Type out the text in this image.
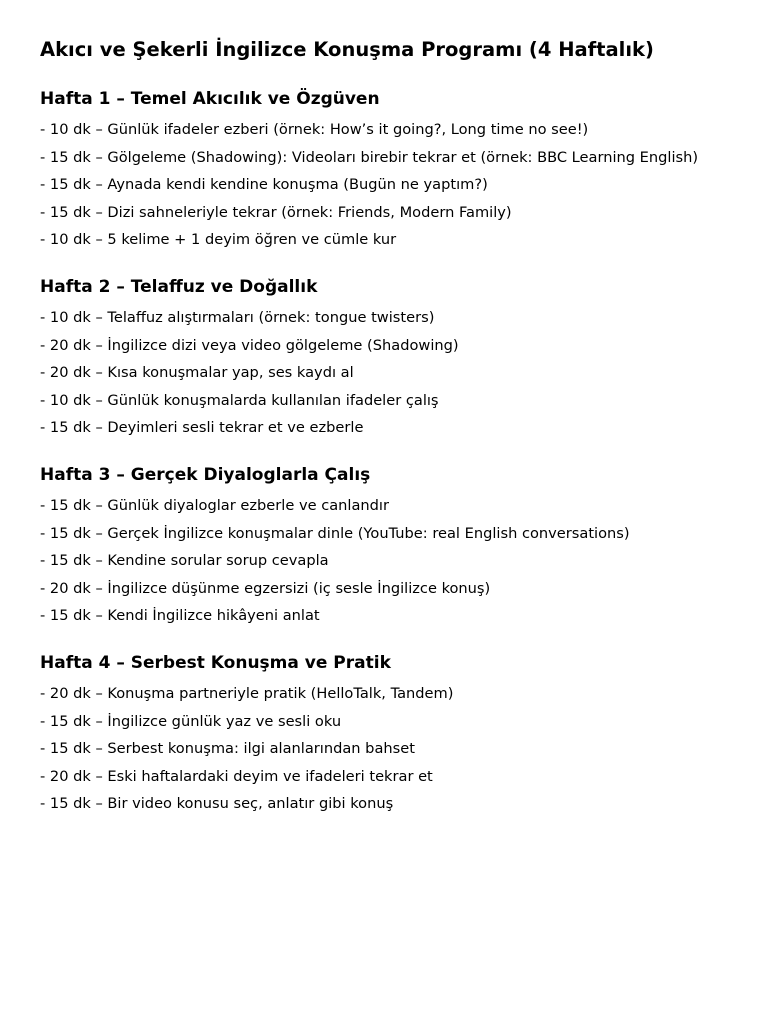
Akıcı ve Şekerli İngilizce Konuşma Programı (4 Haftalık)
Hafta 1 – Temel Akıcılık ve Özgüven
- 10 dk – Günlük ifadeler ezberi (örnek: How’s it going?, Long time no see!)
- 15 dk – Gölgeleme (Shadowing): Videoları birebir tekrar et (örnek: BBC Learning English)
- 15 dk – Aynada kendi kendine konuşma (Bugün ne yaptım?)
- 15 dk – Dizi sahneleriyle tekrar (örnek: Friends, Modern Family)
- 10 dk – 5 kelime + 1 deyim öğren ve cümle kur
Hafta 2 – Telaffuz ve Doğallık
- 10 dk – Telaffuz alıştırmaları (örnek: tongue twisters)
- 20 dk – İngilizce dizi veya video gölgeleme (Shadowing)
- 20 dk – Kısa konuşmalar yap, ses kaydı al
- 10 dk – Günlük konuşmalarda kullanılan ifadeler çalış
- 15 dk – Deyimleri sesli tekrar et ve ezberle
Hafta 3 – Gerçek Diyaloglarla Çalış
- 15 dk – Günlük diyaloglar ezberle ve canlandır
- 15 dk – Gerçek İngilizce konuşmalar dinle (YouTube: real English conversations)
- 15 dk – Kendine sorular sorup cevapla
- 20 dk – İngilizce düşünme egzersizi (iç sesle İngilizce konuş)
- 15 dk – Kendi İngilizce hikâyeni anlat
Hafta 4 – Serbest Konuşma ve Pratik
- 20 dk – Konuşma partneriyle pratik (HelloTalk, Tandem)
- 15 dk – İngilizce günlük yaz ve sesli oku
- 15 dk – Serbest konuşma: ilgi alanlarından bahset
- 20 dk – Eski haftalardaki deyim ve ifadeleri tekrar et
- 15 dk – Bir video konusu seç, anlatır gibi konuş
